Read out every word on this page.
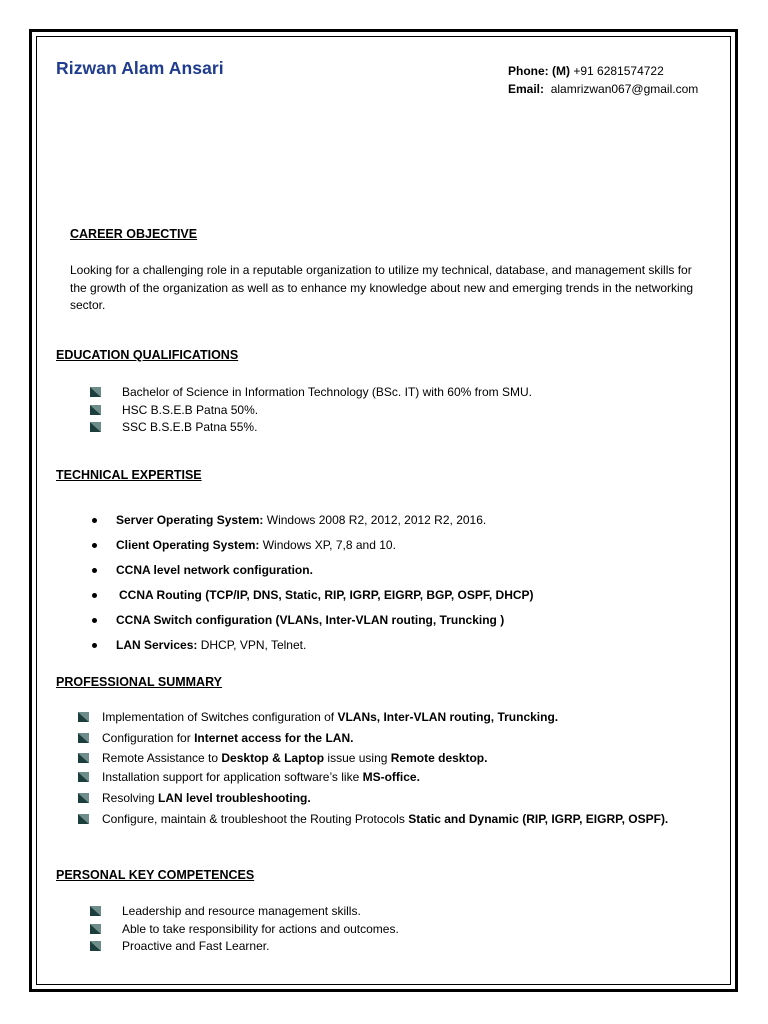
Rizwan Alam Ansari	Phone: (M) +91 6281574722
Email: alamrizwan067@gmail.com
CAREER OBJECTIVE
Looking for a challenging role in a reputable organization to utilize my technical, database, and management skills for the growth of the organization as well as to enhance my knowledge about new and emerging trends in the networking sector.
EDUCATION QUALIFICATIONS
Bachelor of Science in Information Technology (BSc. IT) with 60% from SMU.
HSC B.S.E.B Patna 50%.
SSC B.S.E.B Patna 55%.
TECHNICAL EXPERTISE
Server Operating System: Windows 2008 R2, 2012, 2012 R2, 2016.
Client Operating System: Windows XP, 7,8 and 10.
CCNA level network configuration.
CCNA Routing (TCP/IP, DNS, Static, RIP, IGRP, EIGRP, BGP, OSPF, DHCP)
CCNA Switch configuration (VLANs, Inter-VLAN routing, Truncking )
LAN Services: DHCP, VPN, Telnet.
PROFESSIONAL SUMMARY
Implementation of Switches configuration of VLANs, Inter-VLAN routing, Truncking.
Configuration for Internet access for the LAN.
Remote Assistance to Desktop & Laptop issue using Remote desktop.
Installation support for application software’s like MS-office.
Resolving LAN level troubleshooting.
Configure, maintain & troubleshoot the Routing Protocols Static and Dynamic (RIP, IGRP, EIGRP, OSPF).
PERSONAL KEY COMPETENCES
Leadership and resource management skills.
Able to take responsibility for actions and outcomes.
Proactive and Fast Learner.
